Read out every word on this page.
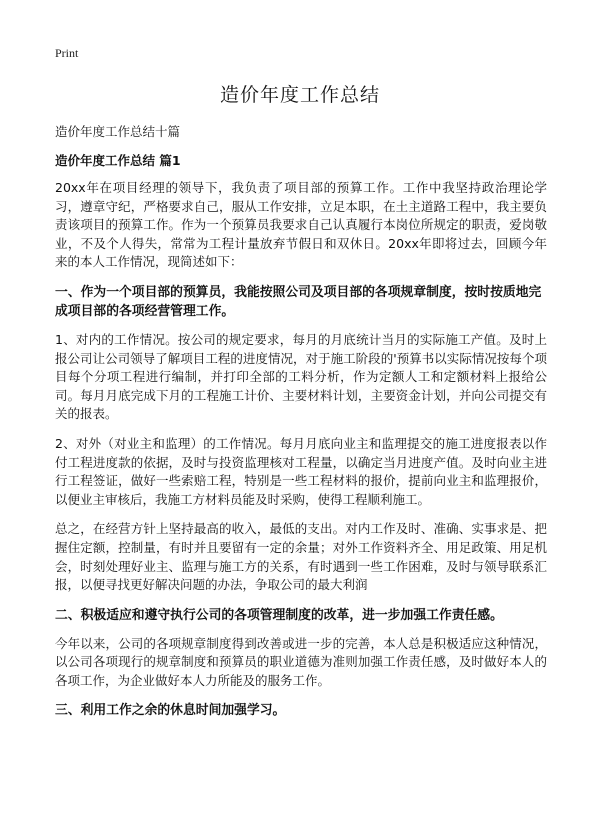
Print
造价年度工作总结
造价年度工作总结十篇
造价年度工作总结 篇1

20xx年在项目经理的领导下，我负责了项目部的预算工作。工作中我坚持政治理论学习，遵章守纪，严格要求自己，服从工作安排，立足本职，在土主道路工程中，我主要负责该项目的预算工作。作为一个预算员我要求自己认真履行本岗位所规定的职责，爱岗敬业，不及个人得失，常常为工程计量放弃节假日和双休日。20xx年即将过去，回顾今年来的本人工作情况，现简述如下：

一、作为一个项目部的预算员，我能按照公司及项目部的各项规章制度，按时按质地完成项目部的各项经营管理工作。

1、对内的工作情况。按公司的规定要求，每月的月底统计当月的实际施工产值。及时上报公司让公司领导了解项目工程的进度情况，对于施工阶段的'预算书以实际情况按每个项目每个分项工程进行编制，并打印全部的工料分析，作为定额人工和定额材料上报给公司。每月月底完成下月的工程施工计价、主要材料计划，主要资金计划，并向公司提交有关的报表。

2、对外（对业主和监理）的工作情况。每月月底向业主和监理提交的施工进度报表以作付工程进度款的依据，及时与投资监理核对工程量，以确定当月进度产值。及时向业主进行工程签证，做好一些索赔工程，特别是一些工程材料的报价，提前向业主和监理报价，以便业主审核后，我施工方材料员能及时采购，使得工程顺利施工。

总之，在经营方针上坚持最高的收入，最低的支出。对内工作及时、准确、实事求是、把握住定额，控制量，有时并且要留有一定的余量；对外工作资料齐全、用足政策、用足机会，时刻处理好业主、监理与施工方的关系，有时遇到一些工作困难，及时与领导联系汇报，以便寻找更好解决问题的办法，争取公司的最大利润

二、积极适应和遵守执行公司的各项管理制度的改革，进一步加强工作责任感。

今年以来，公司的各项规章制度得到改善或进一步的完善，本人总是积极适应这种情况，以公司各项现行的规章制度和预算员的职业道德为准则加强工作责任感，及时做好本人的各项工作，为企业做好本人力所能及的服务工作。

三、利用工作之余的休息时间加强学习。
